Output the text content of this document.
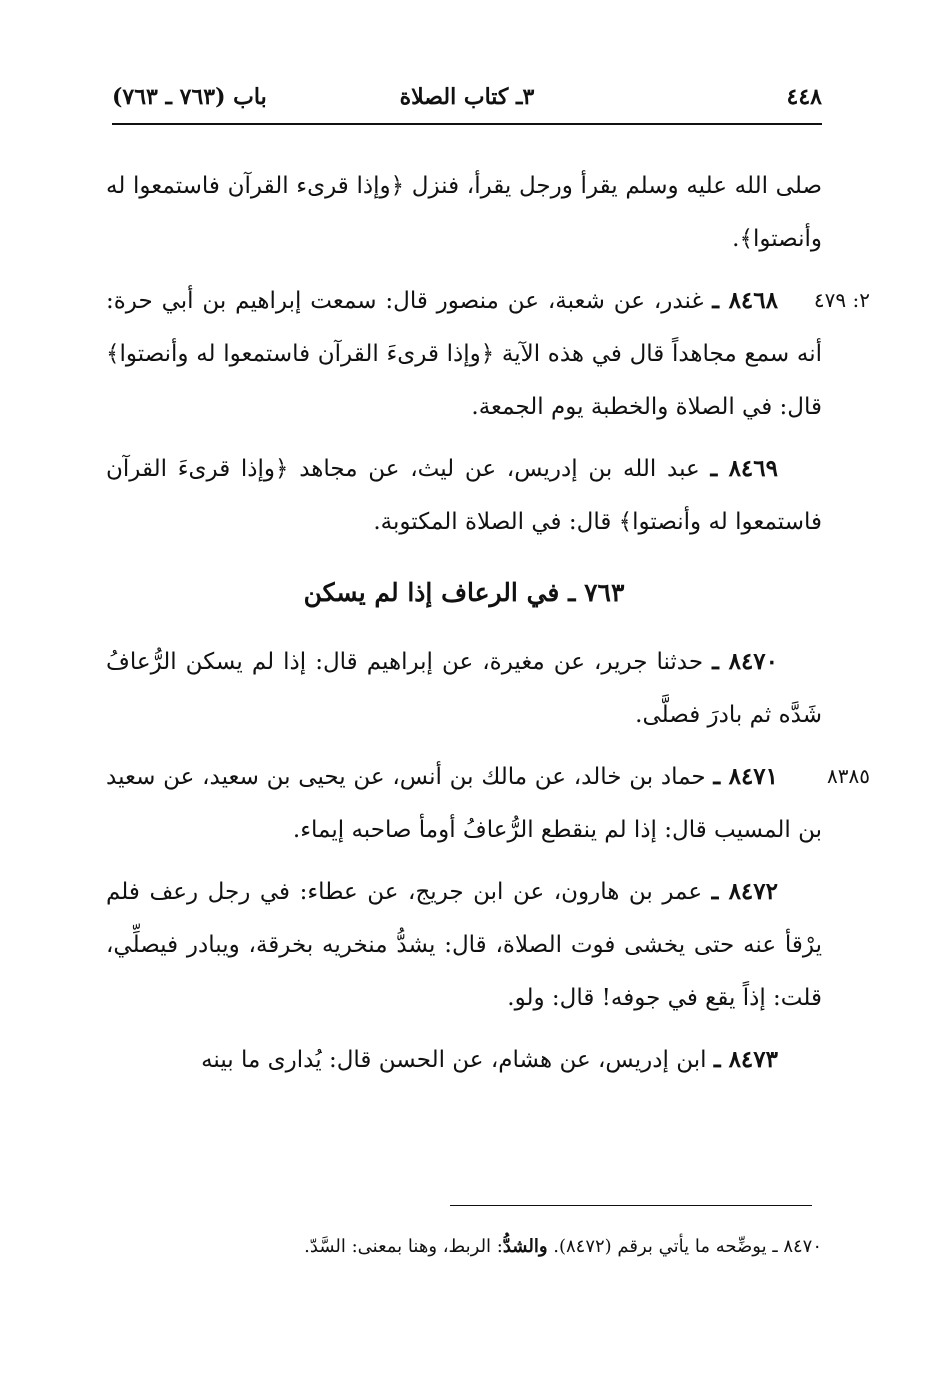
٤٤٨
٣ـ كتاب الصلاة
باب (٧٦٣ ـ ٧٦٣)

صلى الله عليه وسلم يقرأ ورجل يقرأ، فنزل ﴿وإذا قرىء القرآن فاستمعوا له وأنصتوا﴾.

٢: ٤٧٩
٨٤٦٨ ـ غندر، عن شعبة، عن منصور قال: سمعت إبراهيم بن أبي حرة: أنه سمع مجاهداً قال في هذه الآية ﴿وإذا قرىءَ القرآن فاستمعوا له وأنصتوا﴾ قال: في الصلاة والخطبة يوم الجمعة.

٨٤٦٩ ـ عبد الله بن إدريس، عن ليث، عن مجاهد ﴿وإذا قرىءَ القرآن فاستمعوا له وأنصتوا﴾ قال: في الصلاة المكتوبة.

٧٦٣ ـ في الرعاف إذا لم يسكن

٨٤٧٠ ـ حدثنا جرير، عن مغيرة، عن إبراهيم قال: إذا لم يسكن الرُّعافُ شَدَّه ثم بادرَ فصلَّى.

٨٣٨٥
٨٤٧١ ـ حماد بن خالد، عن مالك بن أنس، عن يحيى بن سعيد، عن سعيد بن المسيب قال: إذا لم ينقطع الرُّعافُ أومأ صاحبه إيماء.

٨٤٧٢ ـ عمر بن هارون، عن ابن جريج، عن عطاء: في رجل رعف فلم يرْقأ عنه حتى يخشى فوت الصلاة، قال: يشدُّ منخريه بخرقة، ويبادر فيصلِّي، قلت: إذاً يقع في جوفه! قال: ولو.

٨٤٧٣ ـ ابن إدريس، عن هشام، عن الحسن قال: يُدارى ما بينه

٨٤٧٠ ـ يوضِّحه ما يأتي برقم (٨٤٧٢). والشدُّ: الربط، وهنا بمعنى: السَّدّ.
